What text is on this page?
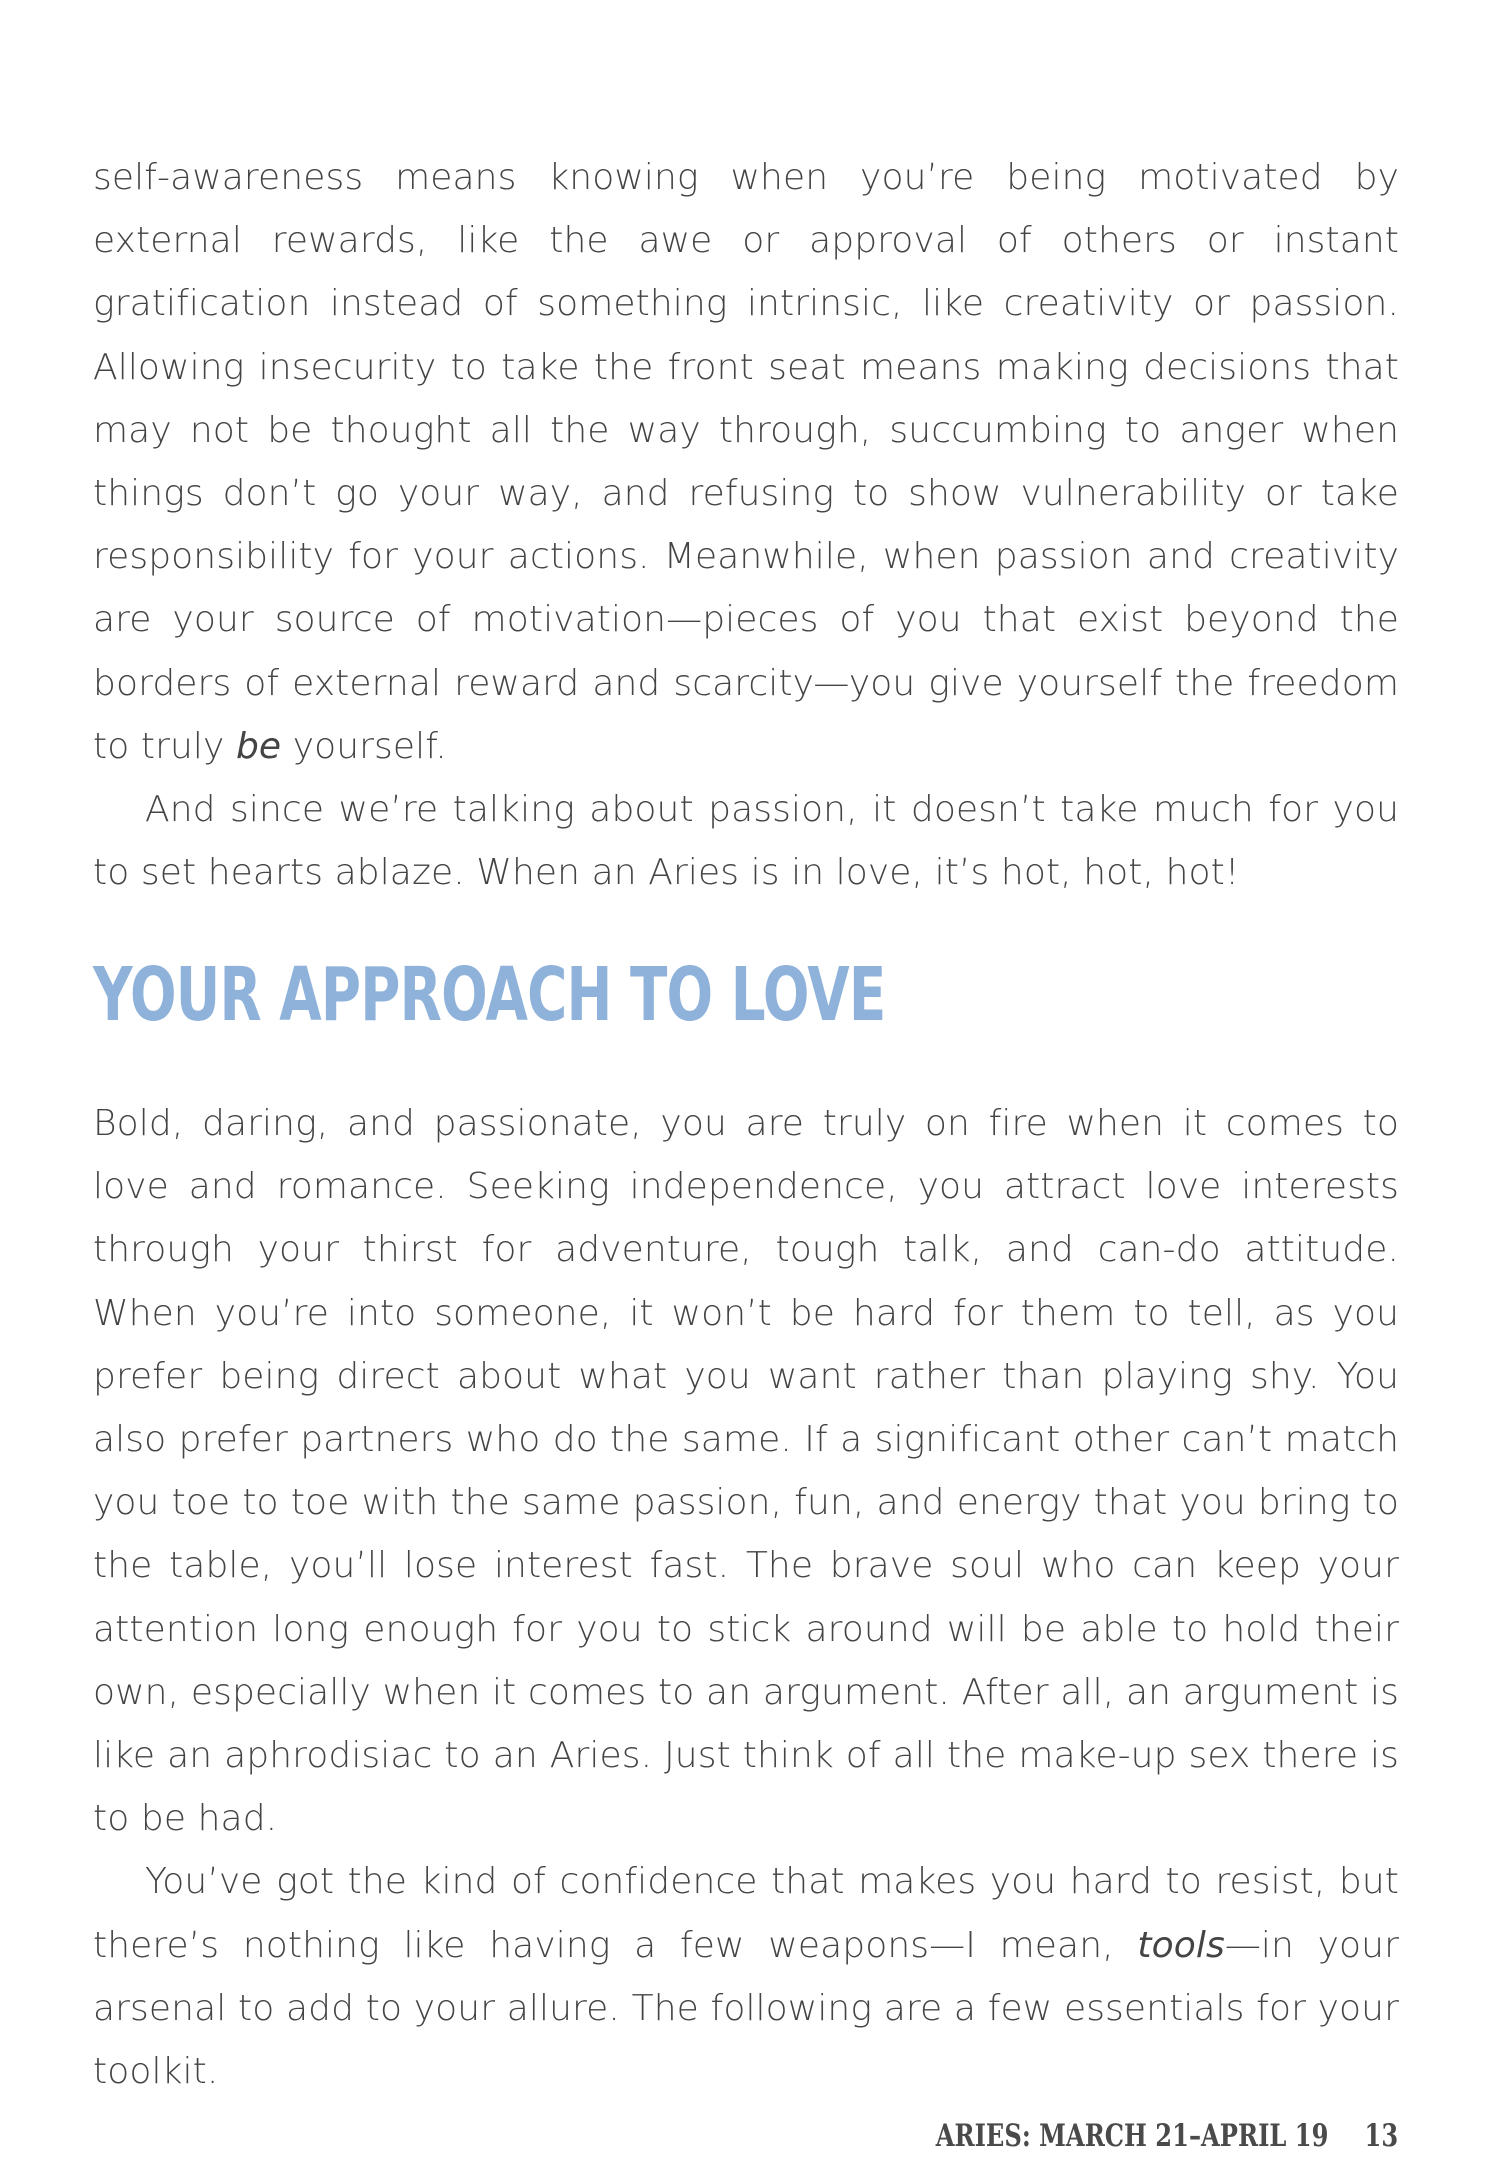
self-awareness means knowing when you’re being motivated by external rewards, like the awe or approval of others or instant gratification instead of something intrinsic, like creativity or passion. Allowing insecurity to take the front seat means making decisions that may not be thought all the way through, succumbing to anger when things don’t go your way, and refusing to show vulnerability or take responsibility for your actions. Meanwhile, when passion and creativity are your source of motivation—pieces of you that exist beyond the borders of external reward and scarcity—you give yourself the freedom to truly be yourself.

And since we’re talking about passion, it doesn’t take much for you to set hearts ablaze. When an Aries is in love, it’s hot, hot, hot!

YOUR APPROACH TO LOVE

Bold, daring, and passionate, you are truly on fire when it comes to love and romance. Seeking independence, you attract love interests through your thirst for adventure, tough talk, and can-do attitude. When you’re into someone, it won’t be hard for them to tell, as you prefer being direct about what you want rather than playing shy. You also prefer partners who do the same. If a significant other can’t match you toe to toe with the same passion, fun, and energy that you bring to the table, you’ll lose interest fast. The brave soul who can keep your attention long enough for you to stick around will be able to hold their own, especially when it comes to an argument. After all, an argument is like an aphrodisiac to an Aries. Just think of all the make-up sex there is to be had.

You’ve got the kind of confidence that makes you hard to resist, but there’s nothing like having a few weapons—I mean, tools—in your arsenal to add to your allure. The following are a few essentials for your toolkit.

ARIES: MARCH 21–APRIL 19 13
